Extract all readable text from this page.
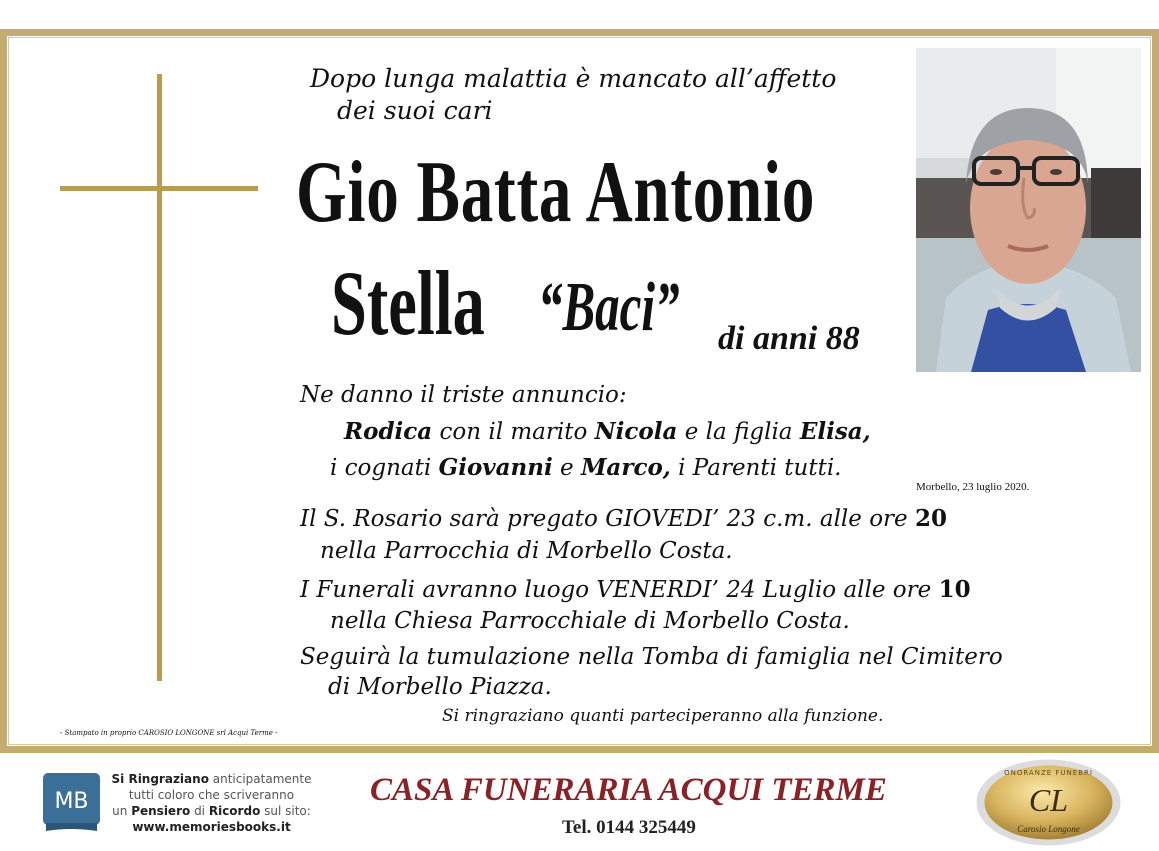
Dopo lunga malattia è mancato all’affetto
dei suoi cari
Gio Batta Antonio
Stella “Baci” di anni 88
Ne danno il triste annuncio:
Rodica con il marito Nicola e la figlia Elisa,
i cognati Giovanni e Marco, i Parenti tutti.
Morbello, 23 luglio 2020.
Il S. Rosario sarà pregato GIOVEDI’ 23 c.m. alle ore 20
nella Parrocchia di Morbello Costa.
I Funerali avranno luogo VENERDI’ 24 Luglio alle ore 10
nella Chiesa Parrocchiale di Morbello Costa.
Seguirà la tumulazione nella Tomba di famiglia nel Cimitero
di Morbello Piazza.
Si ringraziano quanti parteciperanno alla funzione.
- Stampato in proprio CAROSIO LONGONE srl Acqui Terme -
MB
Si Ringraziano anticipatamente
tutti coloro che scriveranno
un Pensiero di Ricordo sul sito:
www.memoriesbooks.it
CASA FUNERARIA ACQUI TERME
Tel. 0144 325449
ONORANZE FUNEBRI
CL
Carosio Longone
